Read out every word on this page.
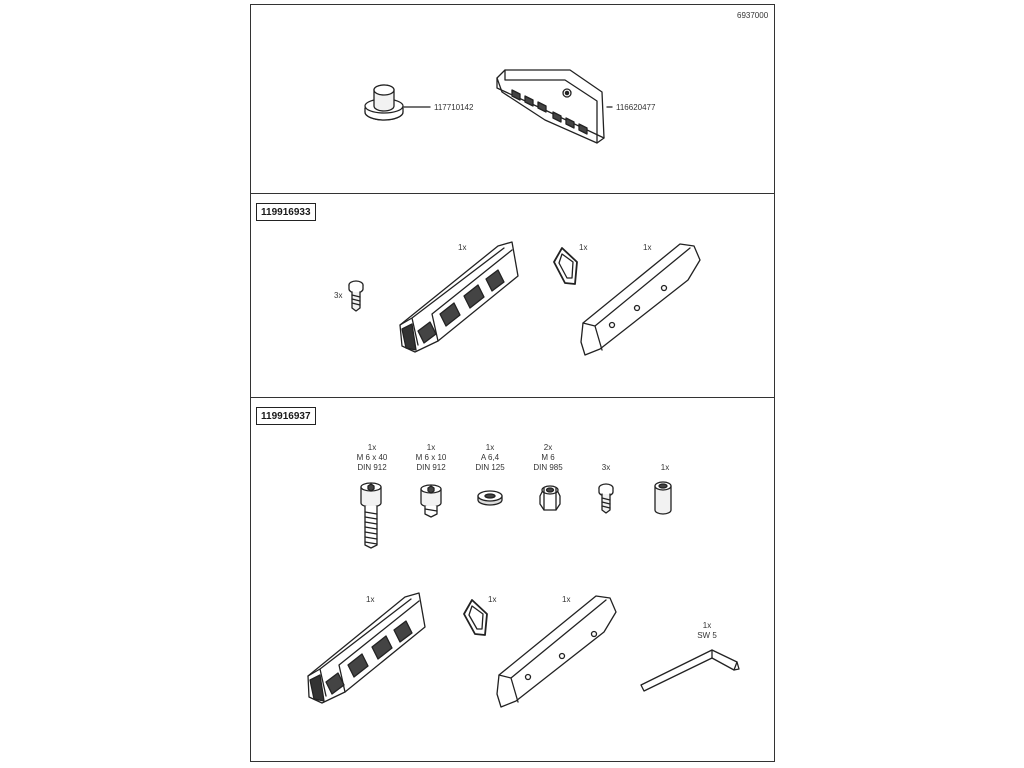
6937000
117710142	116620477
119916933
3x
1x	1x	1x
119916937
1x
M 6 x 40
DIN 912
1x
M 6 x 10
DIN 912
1x
A 6,4
DIN 125
2x
M 6
DIN 985	3x	1x
1x	1x	1x
1x
SW 5
